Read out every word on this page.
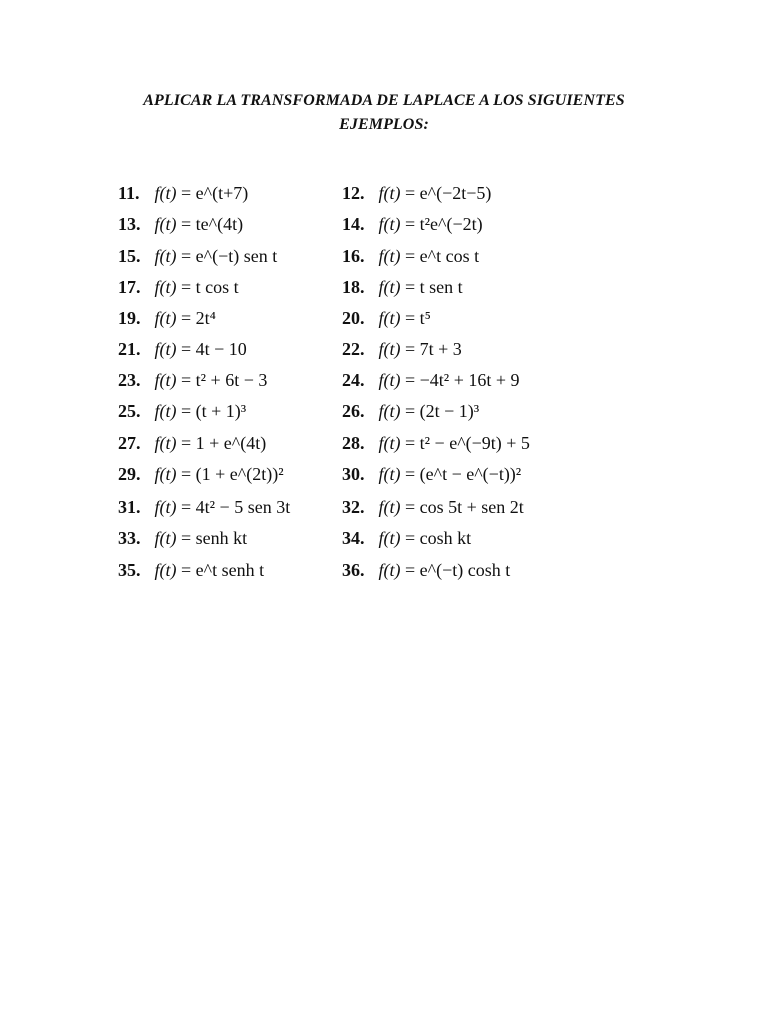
APLICAR LA TRANSFORMADA DE LAPLACE A LOS SIGUIENTES
EJEMPLOS:
11. f(t) = e^(t+7)
13. f(t) = te^(4t)
15. f(t) = e^(−t) sen t
17. f(t) = t cos t
19. f(t) = 2t⁴
21. f(t) = 4t − 10
23. f(t) = t² + 6t − 3
25. f(t) = (t + 1)³
27. f(t) = 1 + e^(4t)
29. f(t) = (1 + e^(2t))²
31. f(t) = 4t² − 5 sen 3t
33. f(t) = senh kt
35. f(t) = e^t senh t
12. f(t) = e^(−2t−5)
14. f(t) = t²e^(−2t)
16. f(t) = e^t cos t
18. f(t) = t sen t
20. f(t) = t⁵
22. f(t) = 7t + 3
24. f(t) = −4t² + 16t + 9
26. f(t) = (2t − 1)³
28. f(t) = t² − e^(−9t) + 5
30. f(t) = (e^t − e^(−t))²
32. f(t) = cos 5t + sen 2t
34. f(t) = cosh kt
36. f(t) = e^(−t) cosh t
